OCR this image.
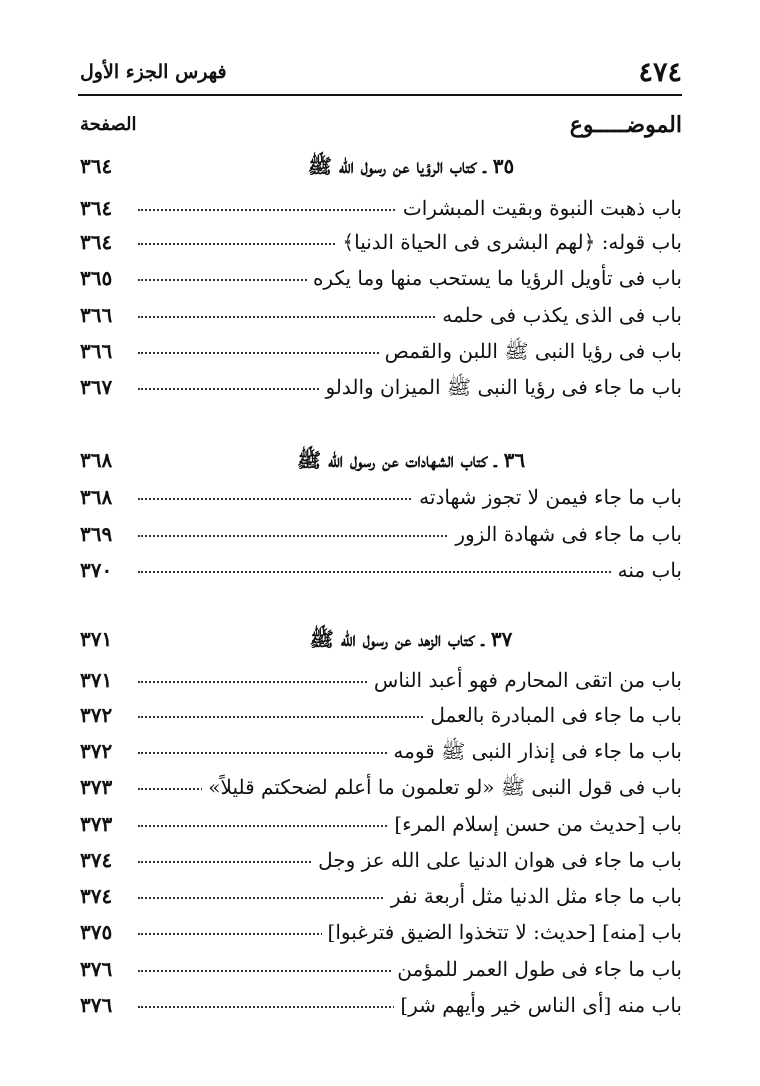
٤٧٤
فهرس الجزء الأول
الموضـــــوع
الصفحة
٣٥ ـ كتاب الرؤيا عن رسول الله ﷺ
٣٦٤
باب ذهبت النبوة وبقيت المبشرات
٣٦٤
باب قوله: ﴿لهم البشرى فى الحياة الدنيا﴾
٣٦٤
باب فى تأويل الرؤيا ما يستحب منها وما يكره
٣٦٥
باب فى الذى يكذب فى حلمه
٣٦٦
باب فى رؤيا النبى ﷺ اللبن والقمص
٣٦٦
باب ما جاء فى رؤيا النبى ﷺ الميزان والدلو
٣٦٧
٣٦ ـ كتاب الشهادات عن رسول الله ﷺ
٣٦٨
باب ما جاء فيمن لا تجوز شهادته
٣٦٨
باب ما جاء فى شهادة الزور
٣٦٩
باب منه
٣٧٠
٣٧ ـ كتاب الزهد عن رسول الله ﷺ
٣٧١
باب من اتقى المحارم فهو أعبد الناس
٣٧١
باب ما جاء فى المبادرة بالعمل
٣٧٢
باب ما جاء فى إنذار النبى ﷺ قومه
٣٧٢
باب فى قول النبى ﷺ «لو تعلمون ما أعلم لضحكتم قليلاً»
٣٧٣
باب [حديث من حسن إسلام المرء]
٣٧٣
باب ما جاء فى هوان الدنيا على الله عز وجل
٣٧٤
باب ما جاء مثل الدنيا مثل أربعة نفر
٣٧٤
باب [منه] [حديث: لا تتخذوا الضيق فترغبوا]
٣٧٥
باب ما جاء فى طول العمر للمؤمن
٣٧٦
باب منه [أى الناس خير وأيهم شر]
٣٧٦
